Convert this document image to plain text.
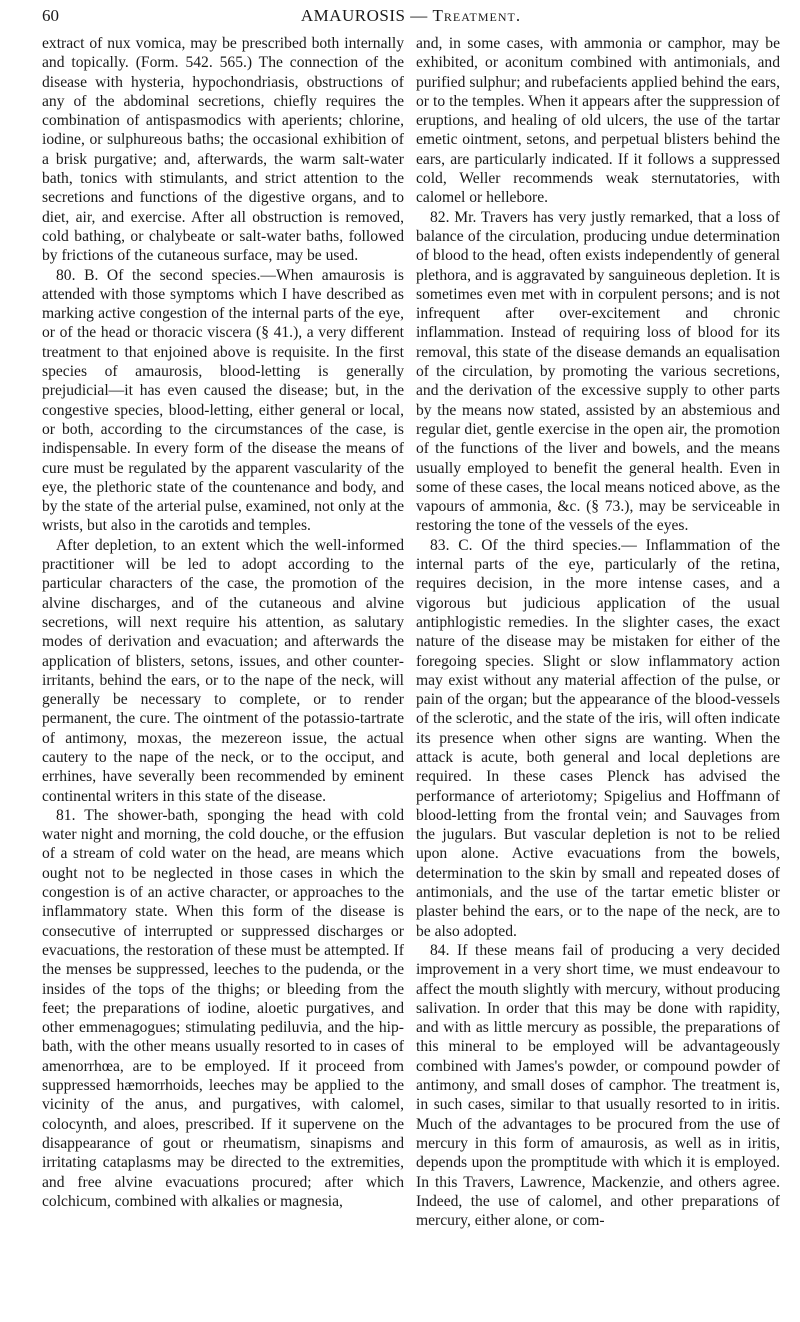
60	AMAUROSIS — Treatment.

extract of nux vomica, may be prescribed both internally and topically. (Form. 542. 565.) The connection of the disease with hysteria, hypochondriasis, obstructions of any of the abdominal secretions, chiefly requires the combination of antispasmodics with aperients; chlorine, iodine, or sulphureous baths; the occasional exhibition of a brisk purgative; and, afterwards, the warm salt-water bath, tonics with stimulants, and strict attention to the secretions and functions of the digestive organs, and to diet, air, and exercise. After all obstruction is removed, cold bathing, or chalybeate or salt-water baths, followed by frictions of the cutaneous surface, may be used.

80. B. Of the second species.—When amaurosis is attended with those symptoms which I have described as marking active congestion of the internal parts of the eye, or of the head or thoracic viscera (§ 41.), a very different treatment to that enjoined above is requisite. In the first species of amaurosis, blood-letting is generally prejudicial—it has even caused the disease; but, in the congestive species, blood-letting, either general or local, or both, according to the circumstances of the case, is indispensable. In every form of the disease the means of cure must be regulated by the apparent vascularity of the eye, the plethoric state of the countenance and body, and by the state of the arterial pulse, examined, not only at the wrists, but also in the carotids and temples.

After depletion, to an extent which the well-informed practitioner will be led to adopt according to the particular characters of the case, the promotion of the alvine discharges, and of the cutaneous and alvine secretions, will next require his attention, as salutary modes of derivation and evacuation; and afterwards the application of blisters, setons, issues, and other counter-irritants, behind the ears, or to the nape of the neck, will generally be necessary to complete, or to render permanent, the cure. The ointment of the potassio-tartrate of antimony, moxas, the mezereon issue, the actual cautery to the nape of the neck, or to the occiput, and errhines, have severally been recommended by eminent continental writers in this state of the disease.

81. The shower-bath, sponging the head with cold water night and morning, the cold douche, or the effusion of a stream of cold water on the head, are means which ought not to be neglected in those cases in which the congestion is of an active character, or approaches to the inflammatory state. When this form of the disease is consecutive of interrupted or suppressed discharges or evacuations, the restoration of these must be attempted. If the menses be suppressed, leeches to the pudenda, or the insides of the tops of the thighs; or bleeding from the feet; the preparations of iodine, aloetic purgatives, and other emmenagogues; stimulating pediluvia, and the hip-bath, with the other means usually resorted to in cases of amenorrhœa, are to be employed. If it proceed from suppressed hæmorrhoids, leeches may be applied to the vicinity of the anus, and purgatives, with calomel, colocynth, and aloes, prescribed. If it supervene on the disappearance of gout or rheumatism, sinapisms and irritating cataplasms may be directed to the extremities, and free alvine evacuations procured; after which colchicum, combined with alkalies or magnesia,

and, in some cases, with ammonia or camphor, may be exhibited, or aconitum combined with antimonials, and purified sulphur; and rubefacients applied behind the ears, or to the temples. When it appears after the suppression of eruptions, and healing of old ulcers, the use of the tartar emetic ointment, setons, and perpetual blisters behind the ears, are particularly indicated. If it follows a suppressed cold, Weller recommends weak sternutatories, with calomel or hellebore.

82. Mr. Travers has very justly remarked, that a loss of balance of the circulation, producing undue determination of blood to the head, often exists independently of general plethora, and is aggravated by sanguineous depletion. It is sometimes even met with in corpulent persons; and is not infrequent after over-excitement and chronic inflammation. Instead of requiring loss of blood for its removal, this state of the disease demands an equalisation of the circulation, by promoting the various secretions, and the derivation of the excessive supply to other parts by the means now stated, assisted by an abstemious and regular diet, gentle exercise in the open air, the promotion of the functions of the liver and bowels, and the means usually employed to benefit the general health. Even in some of these cases, the local means noticed above, as the vapours of ammonia, &c. (§ 73.), may be serviceable in restoring the tone of the vessels of the eyes.

83. C. Of the third species.— Inflammation of the internal parts of the eye, particularly of the retina, requires decision, in the more intense cases, and a vigorous but judicious application of the usual antiphlogistic remedies. In the slighter cases, the exact nature of the disease may be mistaken for either of the foregoing species. Slight or slow inflammatory action may exist without any material affection of the pulse, or pain of the organ; but the appearance of the blood-vessels of the sclerotic, and the state of the iris, will often indicate its presence when other signs are wanting. When the attack is acute, both general and local depletions are required. In these cases Plenck has advised the performance of arteriotomy; Spigelius and Hoffmann of blood-letting from the frontal vein; and Sauvages from the jugulars. But vascular depletion is not to be relied upon alone. Active evacuations from the bowels, determination to the skin by small and repeated doses of antimonials, and the use of the tartar emetic blister or plaster behind the ears, or to the nape of the neck, are to be also adopted.

84. If these means fail of producing a very decided improvement in a very short time, we must endeavour to affect the mouth slightly with mercury, without producing salivation. In order that this may be done with rapidity, and with as little mercury as possible, the preparations of this mineral to be employed will be advantageously combined with James's powder, or compound powder of antimony, and small doses of camphor. The treatment is, in such cases, similar to that usually resorted to in iritis. Much of the advantages to be procured from the use of mercury in this form of amaurosis, as well as in iritis, depends upon the promptitude with which it is employed. In this Travers, Lawrence, Mackenzie, and others agree. Indeed, the use of calomel, and other preparations of mercury, either alone, or com-
